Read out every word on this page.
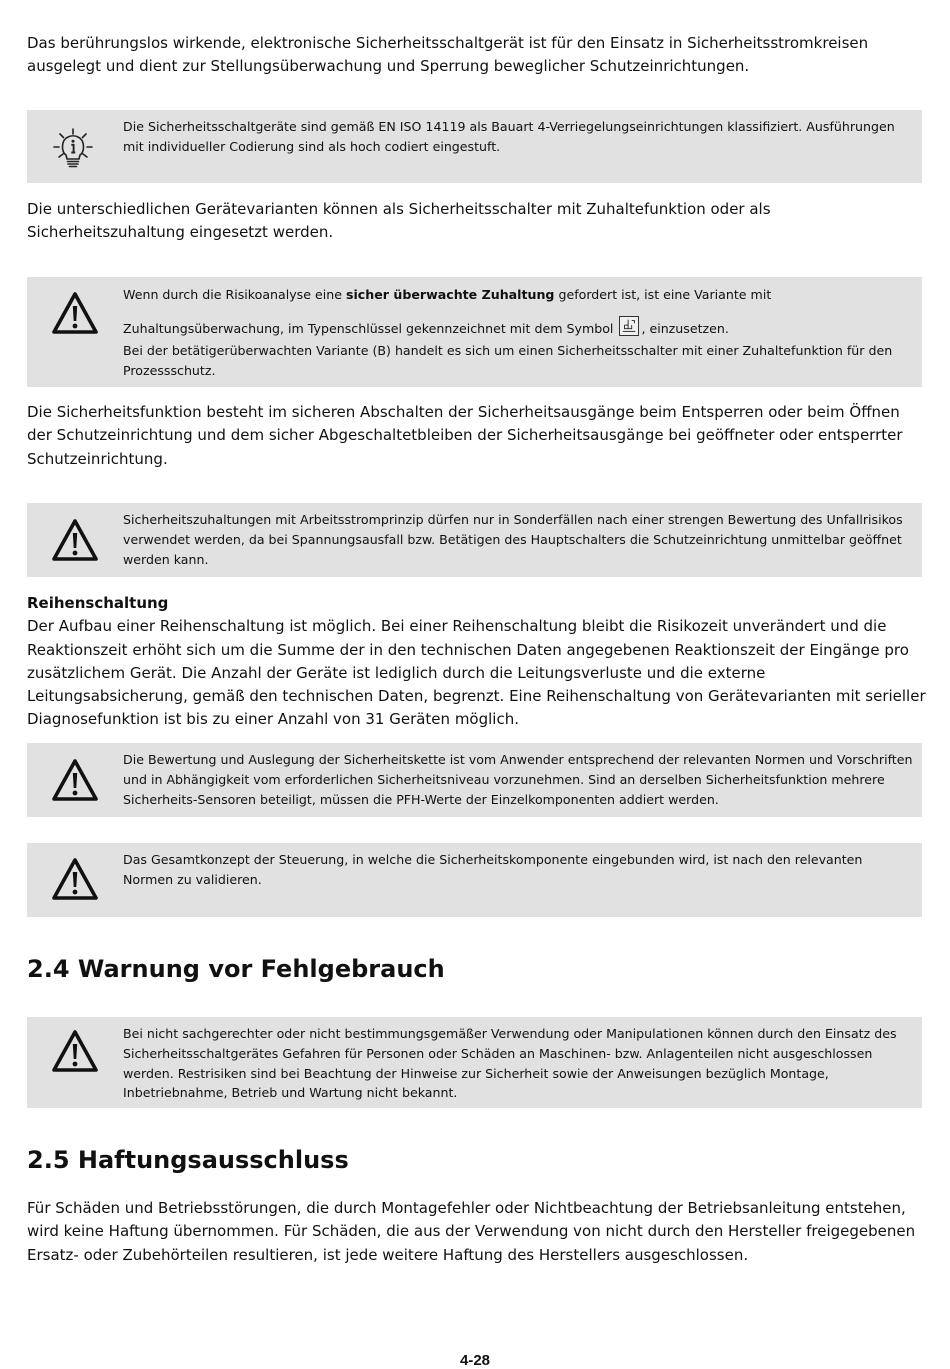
Das berührungslos wirkende, elektronische Sicherheitsschaltgerät ist für den Einsatz in Sicherheitsstromkreisen ausgelegt und dient zur Stellungsüberwachung und Sperrung beweglicher Schutzeinrichtungen.

Die Sicherheitsschaltgeräte sind gemäß EN ISO 14119 als Bauart 4-Verriegelungseinrichtungen klassifiziert. Ausführungen mit individueller Codierung sind als hoch codiert eingestuft.

Die unterschiedlichen Gerätevarianten können als Sicherheitsschalter mit Zuhaltefunktion oder als Sicherheitszuhaltung eingesetzt werden.

Wenn durch die Risikoanalyse eine sicher überwachte Zuhaltung gefordert ist, ist eine Variante mit
Zuhaltungsüberwachung, im Typenschlüssel gekennzeichnet mit dem Symbol , einzusetzen.
Bei der betätigerüberwachten Variante (B) handelt es sich um einen Sicherheitsschalter mit einer Zuhaltefunktion für den Prozessschutz.

Die Sicherheitsfunktion besteht im sicheren Abschalten der Sicherheitsausgänge beim Entsperren oder beim Öffnen der Schutzeinrichtung und dem sicher Abgeschaltetbleiben der Sicherheitsausgänge bei geöffneter oder entsperrter Schutzeinrichtung.

Sicherheitszuhaltungen mit Arbeitsstromprinzip dürfen nur in Sonderfällen nach einer strengen Bewertung des Unfallrisikos verwendet werden, da bei Spannungsausfall bzw. Betätigen des Hauptschalters die Schutzeinrichtung unmittelbar geöffnet werden kann.

Reihenschaltung
Der Aufbau einer Reihenschaltung ist möglich. Bei einer Reihenschaltung bleibt die Risikozeit unverändert und die Reaktionszeit erhöht sich um die Summe der in den technischen Daten angegebenen Reaktionszeit der Eingänge pro zusätzlichem Gerät. Die Anzahl der Geräte ist lediglich durch die Leitungsverluste und die externe Leitungsabsicherung, gemäß den technischen Daten, begrenzt. Eine Reihenschaltung von Gerätevarianten mit serieller Diagnosefunktion ist bis zu einer Anzahl von 31 Geräten möglich.

Die Bewertung und Auslegung der Sicherheitskette ist vom Anwender entsprechend der relevanten Normen und Vorschriften und in Abhängigkeit vom erforderlichen Sicherheitsniveau vorzunehmen. Sind an derselben Sicherheitsfunktion mehrere Sicherheits-Sensoren beteiligt, müssen die PFH-Werte der Einzelkomponenten addiert werden.

Das Gesamtkonzept der Steuerung, in welche die Sicherheitskomponente eingebunden wird, ist nach den relevanten Normen zu validieren.

2.4 Warnung vor Fehlgebrauch

Bei nicht sachgerechter oder nicht bestimmungsgemäßer Verwendung oder Manipulationen können durch den Einsatz des Sicherheitsschaltgerätes Gefahren für Personen oder Schäden an Maschinen- bzw. Anlagenteilen nicht ausgeschlossen werden. Restrisiken sind bei Beachtung der Hinweise zur Sicherheit sowie der Anweisungen bezüglich Montage, Inbetriebnahme, Betrieb und Wartung nicht bekannt.

2.5 Haftungsausschluss

Für Schäden und Betriebsstörungen, die durch Montagefehler oder Nichtbeachtung der Betriebsanleitung entstehen, wird keine Haftung übernommen. Für Schäden, die aus der Verwendung von nicht durch den Hersteller freigegebenen Ersatz- oder Zubehörteilen resultieren, ist jede weitere Haftung des Herstellers ausgeschlossen.

4-28
